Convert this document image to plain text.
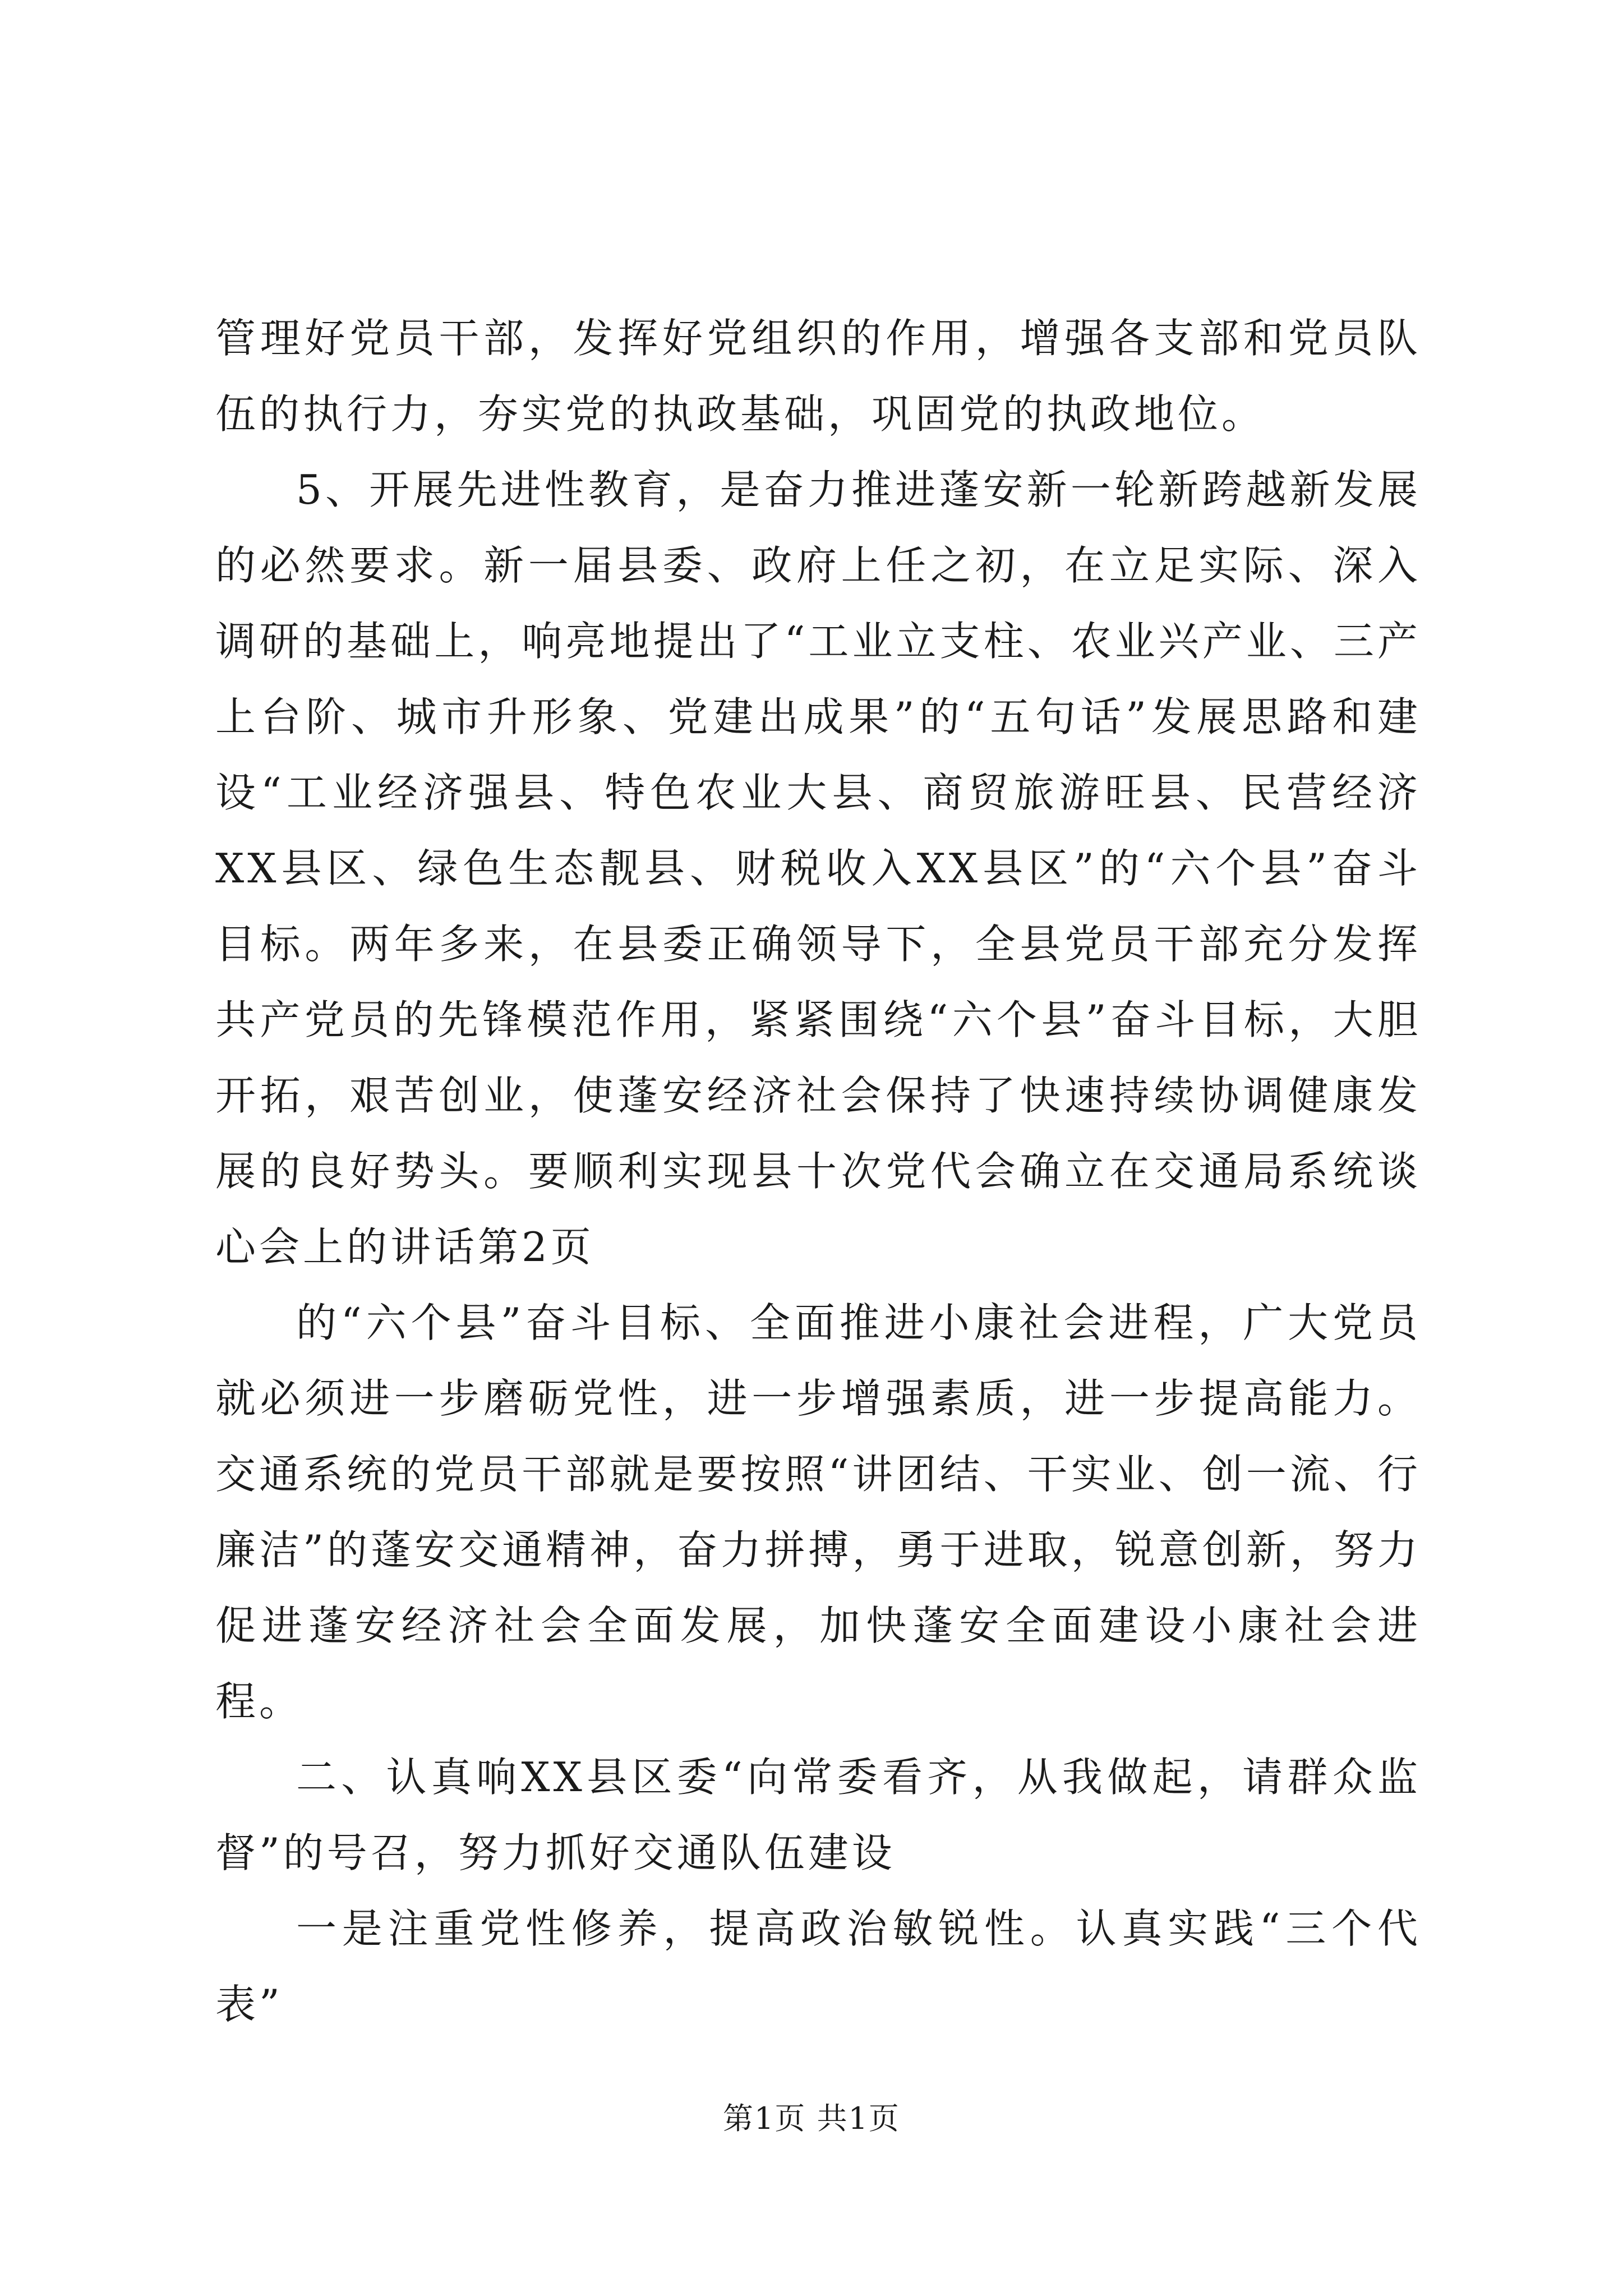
管理好党员干部，发挥好党组织的作用，增强各支部和党员队伍的执行力，夯实党的执政基础，巩固党的执政地位。

5、开展先进性教育，是奋力推进蓬安新一轮新跨越新发展的必然要求。新一届县委、政府上任之初，在立足实际、深入调研的基础上，响亮地提出了“工业立支柱、农业兴产业、三产上台阶、城市升形象、党建出成果”的“五句话”发展思路和建设“工业经济强县、特色农业大县、商贸旅游旺县、民营经济XX县区、绿色生态靓县、财税收入XX县区”的“六个县”奋斗目标。两年多来，在县委正确领导下，全县党员干部充分发挥共产党员的先锋模范作用，紧紧围绕“六个县”奋斗目标，大胆开拓，艰苦创业，使蓬安经济社会保持了快速持续协调健康发展的良好势头。要顺利实现县十次党代会确立在交通局系统谈心会上的讲话第2页

的“六个县”奋斗目标、全面推进小康社会进程，广大党员就必须进一步磨砺党性，进一步增强素质，进一步提高能力。交通系统的党员干部就是要按照“讲团结、干实业、创一流、行廉洁”的蓬安交通精神，奋力拼搏，勇于进取，锐意创新，努力促进蓬安经济社会全面发展，加快蓬安全面建设小康社会进程。

二、认真响XX县区委“向常委看齐，从我做起，请群众监督”的号召，努力抓好交通队伍建设

一是注重党性修养，提高政治敏锐性。认真实践“三个代表”

第1页 共1页
